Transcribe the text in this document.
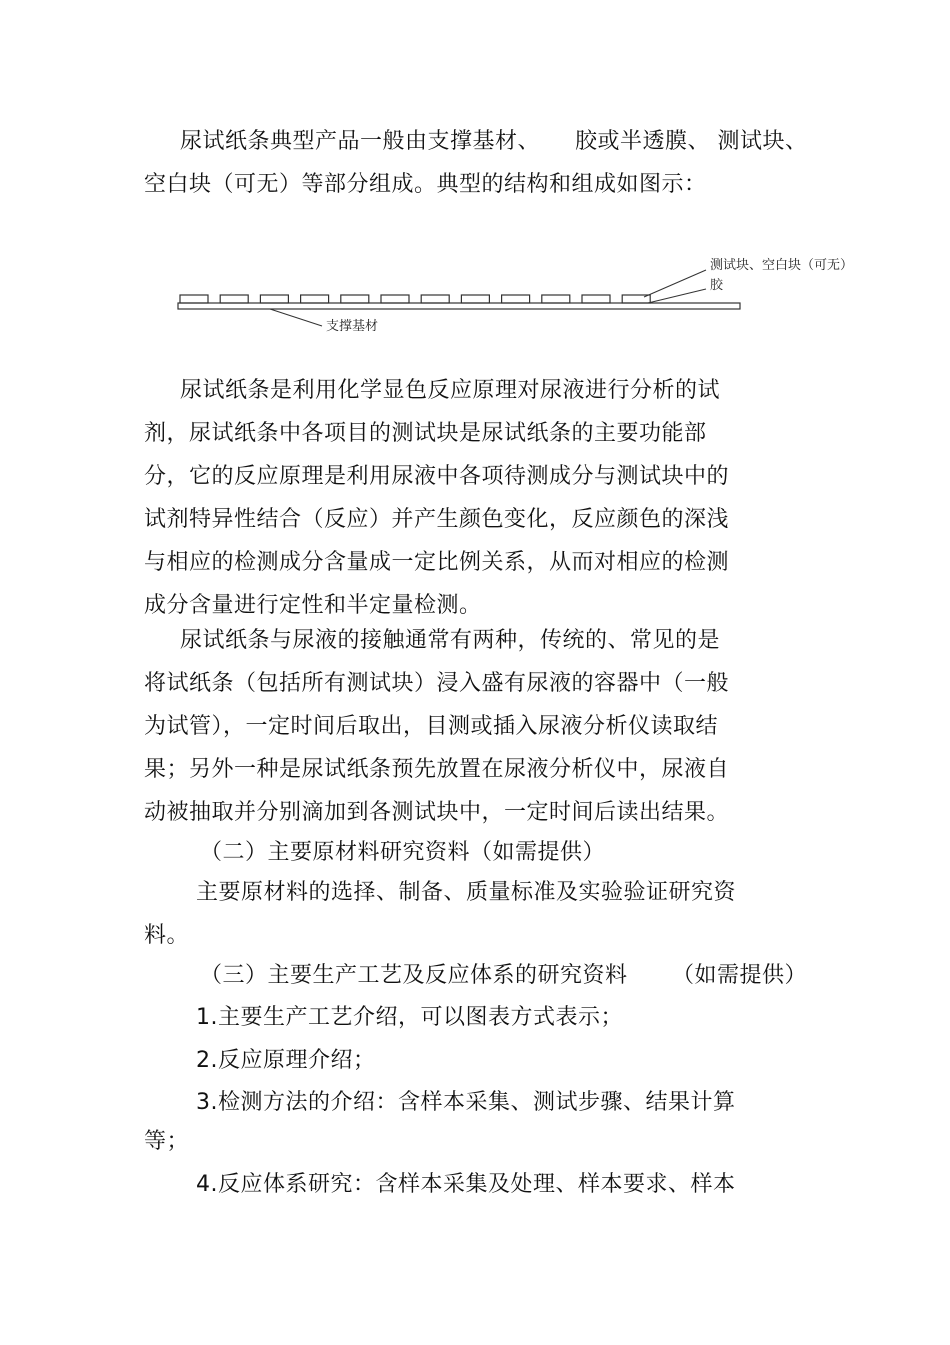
尿试纸条典型产品一般由支撑基材、 胶或半透膜、 测试块、
空白块（可无）等部分组成。典型的结构和组成如图示：
测试块、空白块（可无）
胶
支撑基材
尿试纸条是利用化学显色反应原理对尿液进行分析的试
剂，尿试纸条中各项目的测试块是尿试纸条的主要功能部
分，它的反应原理是利用尿液中各项待测成分与测试块中的
试剂特异性结合（反应）并产生颜色变化，反应颜色的深浅
与相应的检测成分含量成一定比例关系，从而对相应的检测
成分含量进行定性和半定量检测。
尿试纸条与尿液的接触通常有两种，传统的、常见的是
将试纸条（包括所有测试块）浸入盛有尿液的容器中（一般
为试管），一定时间后取出，目测或插入尿液分析仪读取结
果；另外一种是尿试纸条预先放置在尿液分析仪中，尿液自
动被抽取并分别滴加到各测试块中，一定时间后读出结果。
（二）主要原材料研究资料（如需提供）
主要原材料的选择、制备、质量标准及实验验证研究资
料。
（三）主要生产工艺及反应体系的研究资料 （如需提供）
1.主要生产工艺介绍，可以图表方式表示；
2.反应原理介绍；
3.检测方法的介绍：含样本采集、测试步骤、结果计算
等；
4.反应体系研究：含样本采集及处理、样本要求、样本
